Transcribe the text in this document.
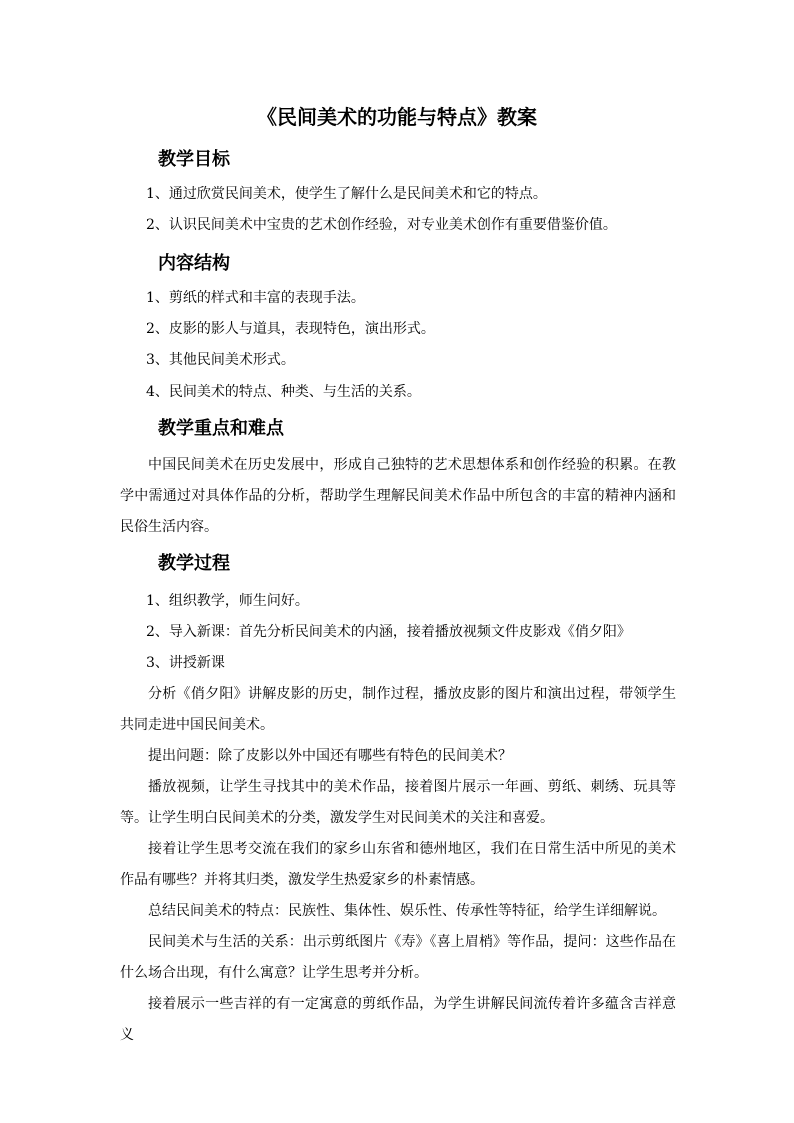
《民间美术的功能与特点》教案
教学目标
1、通过欣赏民间美术，使学生了解什么是民间美术和它的特点。
2、认识民间美术中宝贵的艺术创作经验，对专业美术创作有重要借鉴价值。
内容结构
1、剪纸的样式和丰富的表现手法。
2、皮影的影人与道具，表现特色，演出形式。
3、其他民间美术形式。
4、民间美术的特点、种类、与生活的关系。
教学重点和难点
中国民间美术在历史发展中，形成自己独特的艺术思想体系和创作经验的积累。在教学中需通过对具体作品的分析，帮助学生理解民间美术作品中所包含的丰富的精神内涵和民俗生活内容。
教学过程
1、组织教学，师生问好。
2、导入新课：首先分析民间美术的内涵，接着播放视频文件皮影戏《俏夕阳》
3、讲授新课
分析《俏夕阳》讲解皮影的历史，制作过程，播放皮影的图片和演出过程，带领学生共同走进中国民间美术。
提出问题：除了皮影以外中国还有哪些有特色的民间美术？
播放视频，让学生寻找其中的美术作品，接着图片展示一年画、剪纸、刺绣、玩具等等。让学生明白民间美术的分类，激发学生对民间美术的关注和喜爱。
接着让学生思考交流在我们的家乡山东省和德州地区，我们在日常生活中所见的美术作品有哪些？并将其归类，激发学生热爱家乡的朴素情感。
总结民间美术的特点：民族性、集体性、娱乐性、传承性等特征，给学生详细解说。
民间美术与生活的关系：出示剪纸图片《寿》《喜上眉梢》等作品，提问：这些作品在什么场合出现，有什么寓意？让学生思考并分析。
接着展示一些吉祥的有一定寓意的剪纸作品，为学生讲解民间流传着许多蕴含吉祥意义
